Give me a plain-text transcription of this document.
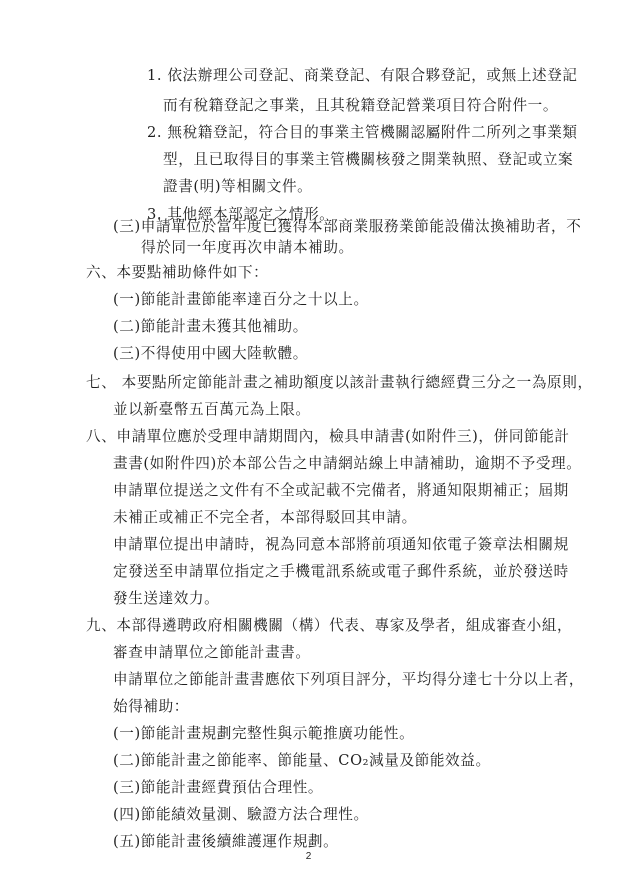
1. 依法辦理公司登記、商業登記、有限合夥登記，或無上述登記
而有稅籍登記之事業，且其稅籍登記營業項目符合附件一。
2. 無稅籍登記，符合目的事業主管機關認屬附件二所列之事業類
型，且已取得目的事業主管機關核發之開業執照、登記或立案
證書(明)等相關文件。
3. 其他經本部認定之情形。
(三)申請單位於當年度已獲得本部商業服務業節能設備汰換補助者，不
得於同一年度再次申請本補助。
六、本要點補助條件如下：
(一)節能計畫節能率達百分之十以上。
(二)節能計畫未獲其他補助。
(三)不得使用中國大陸軟體。
七、 本要點所定節能計畫之補助額度以該計畫執行總經費三分之一為原則，
並以新臺幣五百萬元為上限。
八、申請單位應於受理申請期間內，檢具申請書(如附件三)，併同節能計
畫書(如附件四)於本部公告之申請網站線上申請補助，逾期不予受理。
申請單位提送之文件有不全或記載不完備者，將通知限期補正；屆期
未補正或補正不完全者，本部得駁回其申請。
申請單位提出申請時，視為同意本部將前項通知依電子簽章法相關規
定發送至申請單位指定之手機電訊系統或電子郵件系統，並於發送時
發生送達效力。
九、本部得遴聘政府相關機關（構）代表、專家及學者，組成審查小組，
審查申請單位之節能計畫書。
申請單位之節能計畫書應依下列項目評分，平均得分達七十分以上者，
始得補助：
(一)節能計畫規劃完整性與示範推廣功能性。
(二)節能計畫之節能率、節能量、CO₂減量及節能效益。
(三)節能計畫經費預估合理性。
(四)節能績效量測、驗證方法合理性。
(五)節能計畫後續維護運作規劃。
2
